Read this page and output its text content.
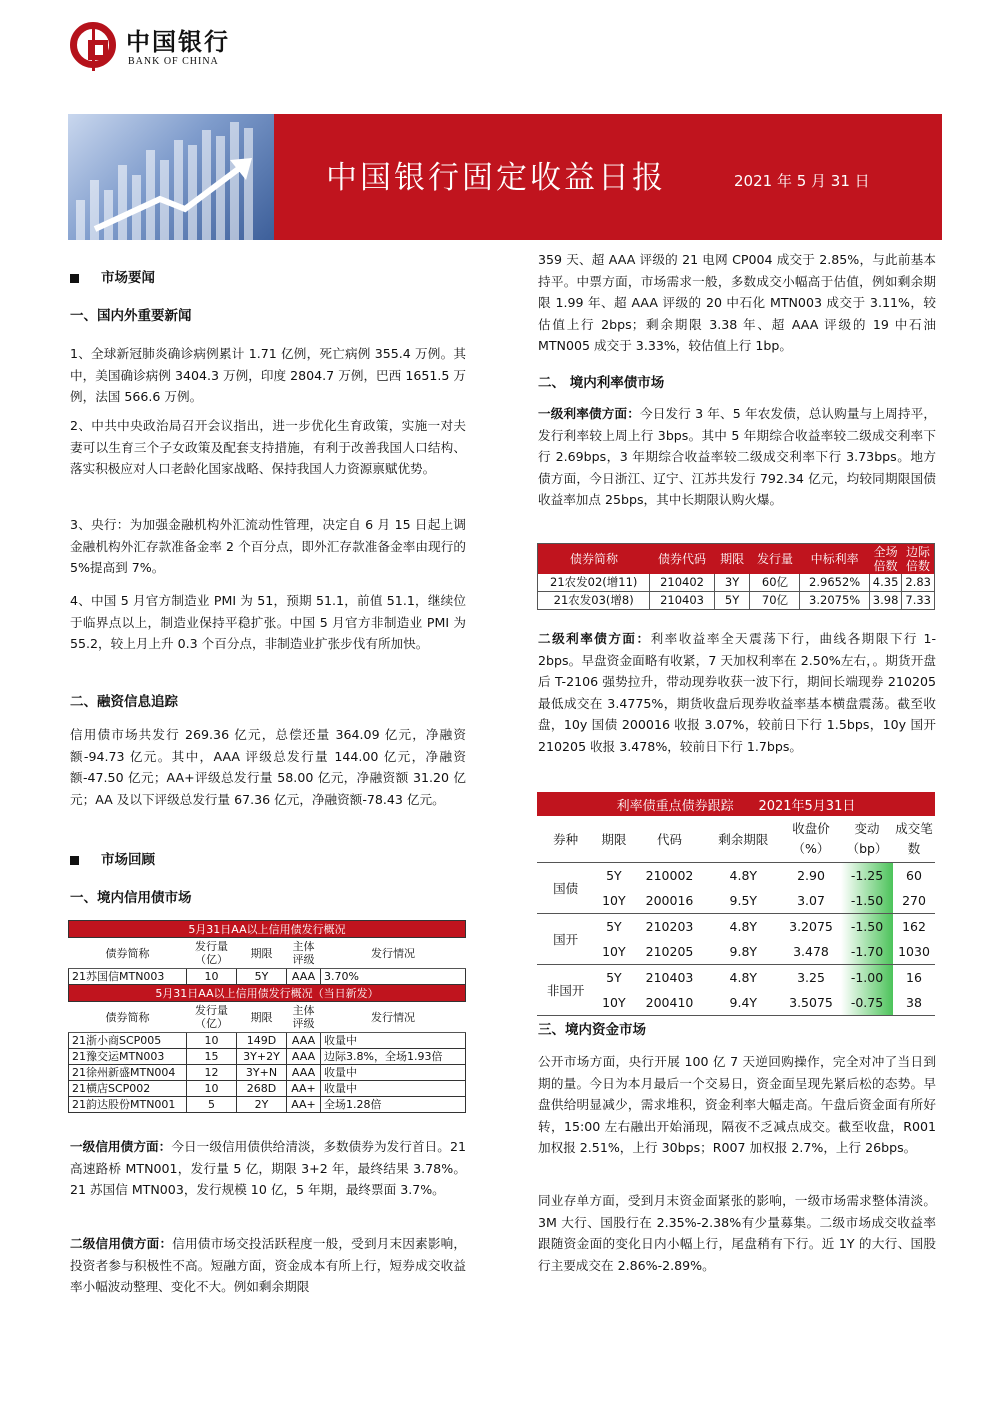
中国银行
BANK OF CHINA
中国银行固定收益日报	2021 年 5 月 31 日
市场要闻
一、国内外重要新闻
1、全球新冠肺炎确诊病例累计 1.71 亿例，死亡病例 355.4 万例。其中，美国确诊病例 3404.3 万例，印度 2804.7 万例，巴西 1651.5 万例，法国 566.6 万例。
2、中共中央政治局召开会议指出，进一步优化生育政策，实施一对夫妻可以生育三个子女政策及配套支持措施，有利于改善我国人口结构、落实积极应对人口老龄化国家战略、保持我国人力资源禀赋优势。
3、央行：为加强金融机构外汇流动性管理，决定自 6 月 15 日起上调金融机构外汇存款准备金率 2 个百分点，即外汇存款准备金率由现行的 5%提高到 7%。
4、中国 5 月官方制造业 PMI 为 51，预期 51.1，前值 51.1，继续位于临界点以上，制造业保持平稳扩张。中国 5 月官方非制造业 PMI 为 55.2，较上月上升 0.3 个百分点，非制造业扩张步伐有所加快。
二、融资信息追踪
信用债市场共发行 269.36 亿元，总偿还量 364.09 亿元，净融资额-94.73 亿元。其中，AAA 评级总发行量 144.00 亿元，净融资额-47.50 亿元；AA+评级总发行量 58.00 亿元，净融资额 31.20 亿元；AA 及以下评级总发行量 67.36 亿元，净融资额-78.43 亿元。
市场回顾
一、境内信用债市场
5月31日AA以上信用债发行概况				
债券简称	发行量（亿）	期限	主体评级	发行情况
21苏国信MTN003	10	5Y	AAA	3.70%
5月31日AA以上信用债发行概况（当日新发）				
债券简称	发行量（亿）	期限	主体评级	发行情况
21浙小商SCP005	10	149D	AAA	收量中
21豫交运MTN003	15	3Y+2Y	AAA	边际3.8%，全场1.93倍
21徐州新盛MTN004	12	3Y+N	AAA	收量中
21横店SCP002	10	268D	AA+	收量中
21韵达股份MTN001	5	2Y	AA+	全场1.28倍
一级信用债方面：今日一级信用债供给清淡，多数债券为发行首日。21 高速路桥 MTN001，发行量 5 亿，期限 3+2 年，最终结果 3.78%。21 苏国信 MTN003，发行规模 10 亿，5 年期，最终票面 3.7%。
二级信用债方面：信用债市场交投活跃程度一般，受到月末因素影响，投资者参与积极性不高。短融方面，资金成本有所上行，短券成交收益率小幅波动整理、变化不大。例如剩余期限
359 天、超 AAA 评级的 21 电网 CP004 成交于 2.85%，与此前基本持平。中票方面，市场需求一般，多数成交小幅高于估值，例如剩余期限 1.99 年、超 AAA 评级的 20 中石化 MTN003 成交于 3.11%，较估值上行 2bps；剩余期限 3.38 年、超 AAA 评级的 19 中石油 MTN005 成交于 3.33%，较估值上行 1bp。
二、 境内利率债市场
一级利率债方面：今日发行 3 年、5 年农发债，总认购量与上周持平，发行利率较上周上行 3bps。其中 5 年期综合收益率较二级成交利率下行 2.69bps，3 年期综合收益率较二级成交利率下行 3.73bps。地方债方面，今日浙江、辽宁、江苏共发行 792.34 亿元，均较同期限国债收益率加点 25bps，其中长期限认购火爆。
债券简称	债券代码	期限	发行量	中标利率	全场倍数	边际倍数
21农发02(增11)	210402	3Y	60亿	2.9652%	4.35	2.83
21农发03(增8)	210403	5Y	70亿	3.2075%	3.98	7.33
二级利率债方面：利率收益率全天震荡下行，曲线各期限下行 1-2bps。早盘资金面略有收紧，7 天加权利率在 2.50%左右，。期货开盘后 T-2106 强势拉升，带动现券收获一波下行，期间长端现券 210205 最低成交在 3.4775%，期货收盘后现券收益率基本横盘震荡。截至收盘，10y 国债 200016 收报 3.07%，较前日下行 1.5bps，10y 国开 210205 收报 3.478%，较前日下行 1.7bps。
利率债重点债券跟踪 2021年5月31日						
券种	期限	代码	剩余期限	收盘价（%）	变动（bp）	成交笔数
国债	5Y	210002	4.8Y	2.90	-1.25	60
	10Y	200016	9.5Y	3.07	-1.50	270
国开	5Y	210203	4.8Y	3.2075	-1.50	162
	10Y	210205	9.8Y	3.478	-1.70	1030
非国开	5Y	210403	4.8Y	3.25	-1.00	16
	10Y	200410	9.4Y	3.5075	-0.75	38
三、境内资金市场
公开市场方面，央行开展 100 亿 7 天逆回购操作，完全对冲了当日到期的量。今日为本月最后一个交易日，资金面呈现先紧后松的态势。早盘供给明显减少，需求堆积，资金利率大幅走高。午盘后资金面有所好转，15:00 左右融出开始涌现，隔夜不乏减点成交。截至收盘，R001 加权报 2.51%，上行 30bps；R007 加权报 2.7%，上行 26bps。
同业存单方面，受到月末资金面紧张的影响，一级市场需求整体清淡。3M 大行、国股行在 2.35%-2.38%有少量募集。二级市场成交收益率跟随资金面的变化日内小幅上行，尾盘稍有下行。近 1Y 的大行、国股行主要成交在 2.86%-2.89%。
